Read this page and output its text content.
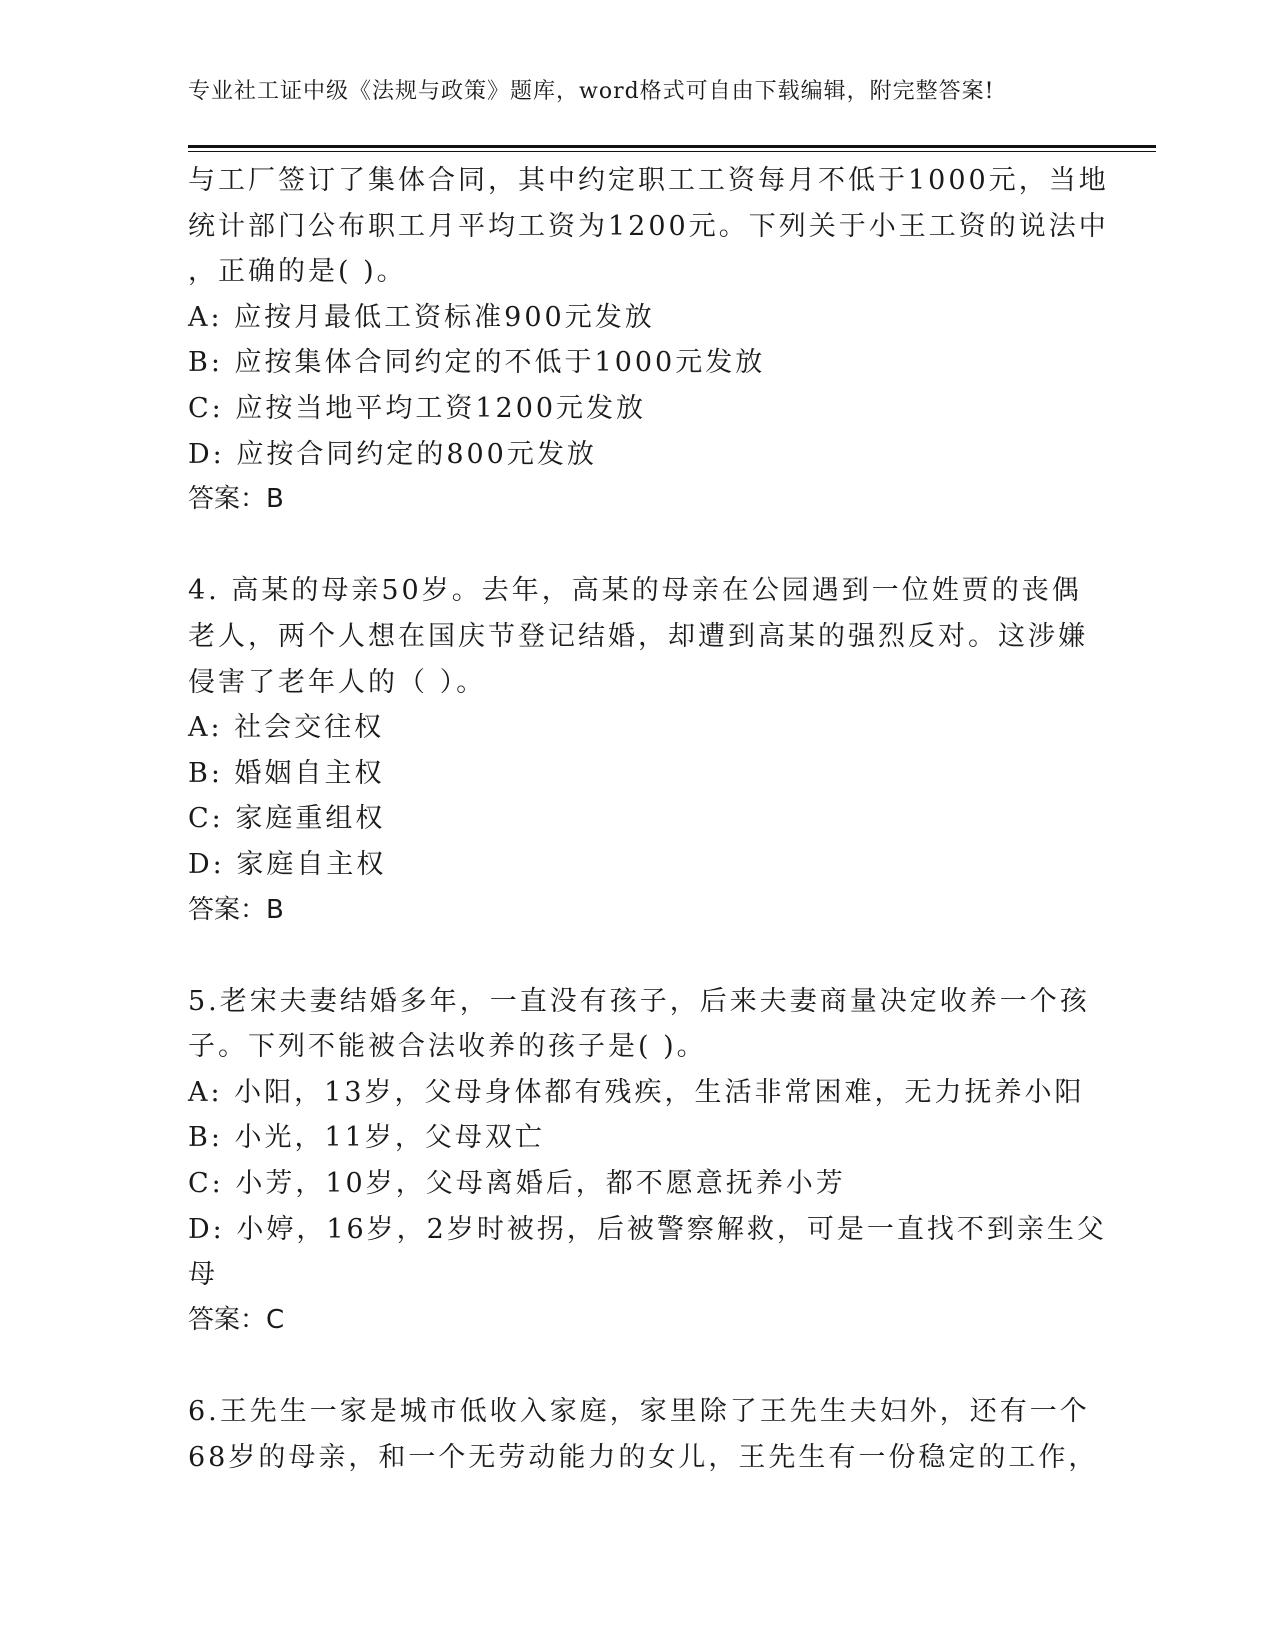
专业社工证中级《法规与政策》题库，word格式可自由下载编辑，附完整答案!
与工厂签订了集体合同，其中约定职工工资每月不低于1000元，当地
统计部门公布职工月平均工资为1200元。下列关于小王工资的说法中
，正确的是( )。
A: 应按月最低工资标准900元发放
B: 应按集体合同约定的不低于1000元发放
C: 应按当地平均工资1200元发放
D: 应按合同约定的800元发放
答案：B
4. 高某的母亲50岁。去年，高某的母亲在公园遇到一位姓贾的丧偶
老人，两个人想在国庆节登记结婚，却遭到高某的强烈反对。这涉嫌
侵害了老年人的（ ）。
A: 社会交往权
B: 婚姻自主权
C: 家庭重组权
D: 家庭自主权
答案：B
5.老宋夫妻结婚多年，一直没有孩子，后来夫妻商量决定收养一个孩
子。下列不能被合法收养的孩子是( )。
A: 小阳，13岁，父母身体都有残疾，生活非常困难，无力抚养小阳
B: 小光，11岁，父母双亡
C: 小芳，10岁，父母离婚后，都不愿意抚养小芳
D: 小婷，16岁，2岁时被拐，后被警察解救，可是一直找不到亲生父
母
答案：C
6.王先生一家是城市低收入家庭，家里除了王先生夫妇外，还有一个
68岁的母亲，和一个无劳动能力的女儿，王先生有一份稳定的工作，
